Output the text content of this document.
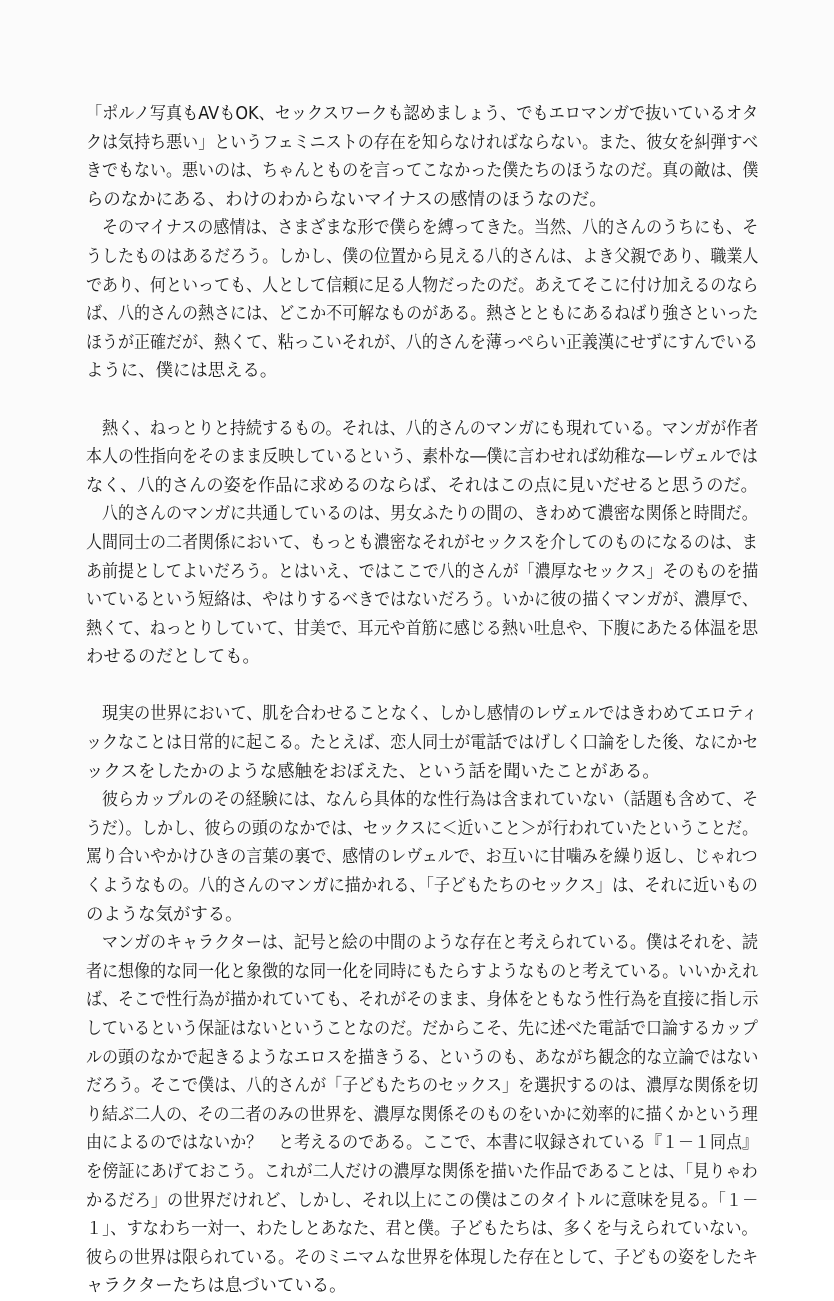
「ポルノ写真もAVもOK、セックスワークも認めましょう、でもエロマンガで抜いているオタ
クは気持ち悪い」というフェミニストの存在を知らなければならない。また、彼女を糾弾すべ
きでもない。悪いのは、ちゃんとものを言ってこなかった僕たちのほうなのだ。真の敵は、僕
らのなかにある、わけのわからないマイナスの感情のほうなのだ。
　そのマイナスの感情は、さまざまな形で僕らを縛ってきた。当然、八的さんのうちにも、そ
うしたものはあるだろう。しかし、僕の位置から見える八的さんは、よき父親であり、職業人
であり、何といっても、人として信頼に足る人物だったのだ。あえてそこに付け加えるのなら
ば、八的さんの熱さには、どこか不可解なものがある。熱さとともにあるねばり強さといった
ほうが正確だが、熱くて、粘っこいそれが、八的さんを薄っぺらい正義漢にせずにすんでいる
ように、僕には思える。
　熱く、ねっとりと持続するもの。それは、八的さんのマンガにも現れている。マンガが作者
本人の性指向をそのまま反映しているという、素朴な―僕に言わせれば幼稚な―レヴェルでは
なく、八的さんの姿を作品に求めるのならば、それはこの点に見いだせると思うのだ。
　八的さんのマンガに共通しているのは、男女ふたりの間の、きわめて濃密な関係と時間だ。
人間同士の二者関係において、もっとも濃密なそれがセックスを介してのものになるのは、ま
あ前提としてよいだろう。とはいえ、ではここで八的さんが「濃厚なセックス」そのものを描
いているという短絡は、やはりするべきではないだろう。いかに彼の描くマンガが、濃厚で、
熱くて、ねっとりしていて、甘美で、耳元や首筋に感じる熱い吐息や、下腹にあたる体温を思
わせるのだとしても。
　現実の世界において、肌を合わせることなく、しかし感情のレヴェルではきわめてエロティ
ックなことは日常的に起こる。たとえば、恋人同士が電話ではげしく口論をした後、なにかセ
ックスをしたかのような感触をおぼえた、という話を聞いたことがある。
　彼らカップルのその経験には、なんら具体的な性行為は含まれていない（話題も含めて、そ
うだ）。しかし、彼らの頭のなかでは、セックスに＜近いこと＞が行われていたということだ。
罵り合いやかけひきの言葉の裏で、感情のレヴェルで、お互いに甘噛みを繰り返し、じゃれつ
くようなもの。八的さんのマンガに描かれる、「子どもたちのセックス」は、それに近いもの
のような気がする。
　マンガのキャラクターは、記号と絵の中間のような存在と考えられている。僕はそれを、読
者に想像的な同一化と象徴的な同一化を同時にもたらすようなものと考えている。いいかえれ
ば、そこで性行為が描かれていても、それがそのまま、身体をともなう性行為を直接に指し示
しているという保証はないということなのだ。だからこそ、先に述べた電話で口論するカップ
ルの頭のなかで起きるようなエロスを描きうる、というのも、あながち観念的な立論ではない
だろう。そこで僕は、八的さんが「子どもたちのセックス」を選択するのは、濃厚な関係を切
り結ぶ二人の、その二者のみの世界を、濃厚な関係そのものをいかに効率的に描くかという理
由によるのではないか？　と考えるのである。ここで、本書に収録されている『１－１同点』
を傍証にあげておこう。これが二人だけの濃厚な関係を描いた作品であることは、「見りゃわ
かるだろ」の世界だけれど、しかし、それ以上にこの僕はこのタイトルに意味を見る。「１－
１」、すなわち一対一、わたしとあなた、君と僕。子どもたちは、多くを与えられていない。
彼らの世界は限られている。そのミニマムな世界を体現した存在として、子どもの姿をしたキ
ャラクターたちは息づいている。
